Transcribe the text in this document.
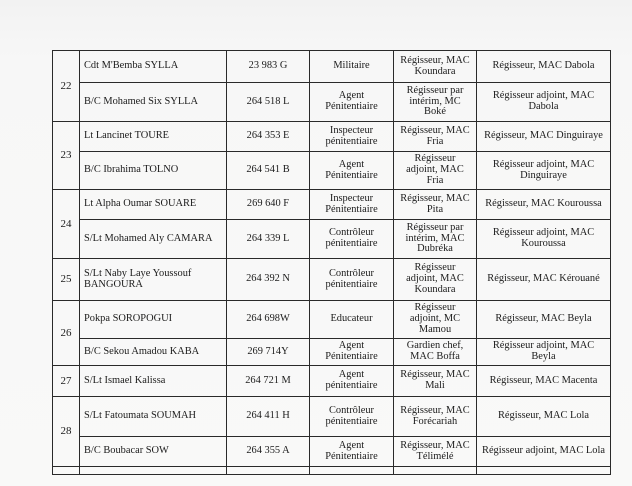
22	Cdt M'Bemba SYLLA	23 983 G	Militaire	Régisseur, MAC Koundara	Régisseur, MAC Dabola
	B/C Mohamed Six SYLLA	264 518 L	Agent Pénitentiaire	Régisseur par intérim, MC Boké	Régisseur adjoint, MAC Dabola
23	Lt Lancinet TOURE	264 353 E	Inspecteur pénitentiaire	Régisseur, MAC Fria	Régisseur, MAC Dinguiraye
	B/C Ibrahima TOLNO	264 541 B	Agent Pénitentiaire	Régisseur adjoint, MAC Fria	Régisseur adjoint, MAC Dinguiraye
24	Lt Alpha Oumar SOUARE	269 640 F	Inspecteur Pénitentiaire	Régisseur, MAC Pita	Régisseur, MAC Kouroussa
	S/Lt Mohamed Aly CAMARA	264 339 L	Contrôleur pénitentiaire	Régisseur par intérim, MAC Dubréka	Régisseur adjoint, MAC Kouroussa
25	S/Lt Naby Laye Youssouf BANGOURA	264 392 N	Contrôleur pénitentiaire	Régisseur adjoint, MAC Koundara	Régisseur, MAC Kérouané
26	Pokpa SOROPOGUI	264 698W	Educateur	Régisseur adjoint, MC Mamou	Régisseur, MAC Beyla
	B/C Sekou Amadou KABA	269 714Y	Agent Pénitentiaire	Gardien chef, MAC Boffa	Régisseur adjoint, MAC Beyla
27	S/Lt Ismael Kalissa	264 721 M	Agent pénitentiaire	Régisseur, MAC Mali	Régisseur, MAC Macenta
28	S/Lt Fatoumata SOUMAH	264 411 H	Contrôleur pénitentiaire	Régisseur, MAC Forécariah	Régisseur, MAC Lola
	B/C Boubacar SOW	264 355 A	Agent Pénitentiaire	Régisseur, MAC Télimélé	Régisseur adjoint, MAC Lola
